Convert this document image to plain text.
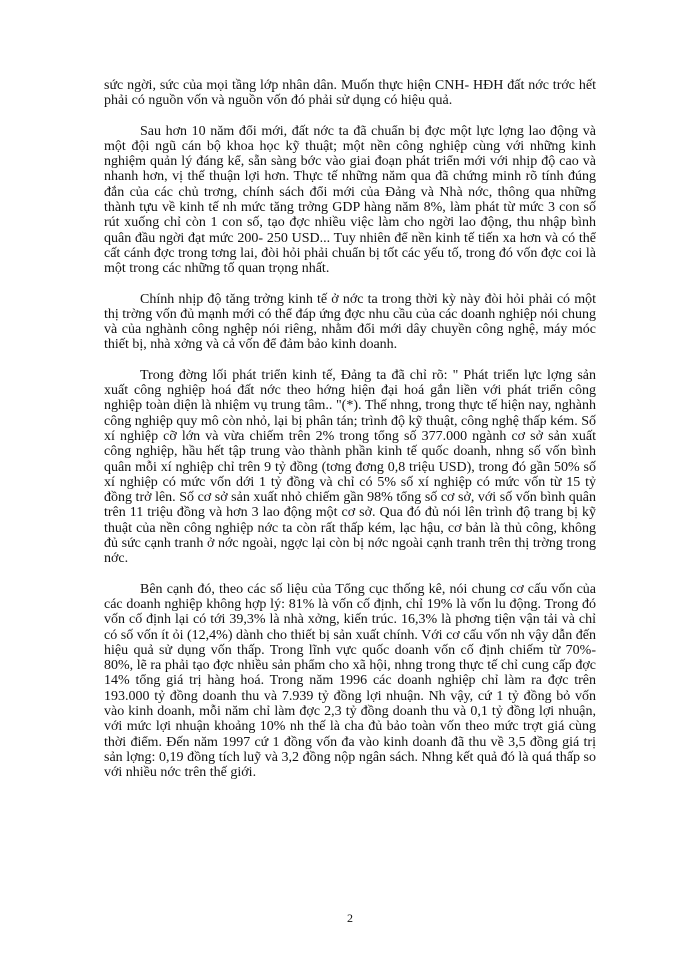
sức ngời, sức của mọi tầng lớp nhân dân. Muốn thực hiện CNH- HĐH đất nớc trớc hết phải có nguồn vốn và nguồn vốn đó phải sử dụng có hiệu quả.

Sau hơn 10 năm đổi mới, đất nớc ta đã chuẩn bị đợc một lực lợng lao động và một đội ngũ cán bộ khoa học kỹ thuật; một nền công nghiệp cùng với những kinh nghiệm quản lý đáng kể, sẵn sàng bớc vào giai đoạn phát triển mới với nhịp độ cao và nhanh hơn, vị thế thuận lợi hơn. Thực tế những năm qua đã chứng minh rõ tính đúng đắn của các chủ trơng, chính sách đổi mới của Đảng và Nhà nớc, thông qua những thành tựu về kinh tế nh mức tăng trởng GDP hàng năm 8%, làm phát từ mức 3 con số rút xuống chỉ còn 1 con số, tạo đợc nhiều việc làm cho ngời lao động, thu nhập bình quân đầu ngời đạt mức 200- 250 USD... Tuy nhiên để nền kinh tế tiến xa hơn và có thể cất cánh đợc trong tơng lai, đòi hỏi phải chuẩn bị tốt các yếu tố, trong đó vốn đợc coi là một trong các những tố quan trọng nhất.

Chính nhịp độ tăng trởng kinh tế ở nớc ta trong thời kỳ này đòi hỏi phải có một thị trờng vốn đủ mạnh mới có thể đáp ứng đợc nhu cầu của các doanh nghiệp nói chung và của nghành công nghệp nói riêng, nhằm đổi mới dây chuyền công nghệ, máy móc thiết bị, nhà xởng và cả vốn để đảm bảo kinh doanh.

Trong đờng lối phát triển kinh tế, Đảng ta đã chỉ rõ: " Phát triển lực lợng sản xuất công nghiệp hoá đất nớc theo hớng hiện đại hoá gắn liền với phát triển công nghiệp toàn diện là nhiệm vụ trung tâm.. "(*). Thế nhng, trong thực tế hiện nay, nghành công nghiệp quy mô còn nhỏ, lại bị phân tán; trình độ kỹ thuật, công nghệ thấp kém. Số xí nghiệp cỡ lớn và vừa chiếm trên 2% trong tổng số 377.000 ngành cơ sở sản xuất công nghiệp, hầu hết tập trung vào thành phần kinh tế quốc doanh, nhng số vốn bình quân mỗi xí nghiệp chỉ trên 9 tỷ đồng (tơng đơng 0,8 triệu USD), trong đó gần 50% số xí nghiệp có mức vốn dới 1 tỷ đồng và chỉ có 5% số xí nghiệp có mức vốn từ 15 tỷ đồng trở lên. Số cơ sở sản xuất nhỏ chiếm gần 98% tổng số cơ sở, với số vốn bình quân trên 11 triệu đồng và hơn 3 lao động một cơ sở. Qua đó đủ nói lên trình độ trang bị kỹ thuật của nền công nghiệp nớc ta còn rất thấp kém, lạc hậu, cơ bản là thủ công, không đủ sức cạnh tranh ở nớc ngoài, ngợc lại còn bị nớc ngoài cạnh tranh trên thị trờng trong nớc.

Bên cạnh đó, theo các số liệu của Tổng cục thống kê, nói chung cơ cấu vốn của các doanh nghiệp không hợp lý: 81% là vốn cố định, chỉ 19% là vốn lu động. Trong đó vốn cố định lại có tới 39,3% là nhà xởng, kiến trúc. 16,3% là phơng tiện vận tải và chỉ có số vốn ít ỏi (12,4%) dành cho thiết bị sản xuất chính. Với cơ cấu vốn nh vậy dẫn đến hiệu quả sử dụng vốn thấp. Trong lĩnh vực quốc doanh vốn cố định chiếm từ 70%- 80%, lẽ ra phải tạo đợc nhiều sản phẩm cho xã hội, nhng trong thực tế chỉ cung cấp đợc 14% tổng giá trị hàng hoá. Trong năm 1996 các doanh nghiệp chỉ làm ra đợc trên 193.000 tỷ đồng doanh thu và 7.939 tỷ đồng lợi nhuận. Nh vậy, cứ 1 tỷ đồng bỏ vốn vào kinh doanh, mỗi năm chỉ làm đợc 2,3 tỷ đồng doanh thu và 0,1 tỷ đồng lợi nhuận, với mức lợi nhuận khoảng 10% nh thế là cha đủ bảo toàn vốn theo mức trợt giá cùng thời điểm. Đến năm 1997 cứ 1 đồng vốn đa vào kinh doanh đã thu về 3,5 đồng giá trị sản lợng: 0,19 đồng tích luỹ và 3,2 đồng nộp ngân sách. Nhng kết quả đó là quá thấp so với nhiều nớc trên thế giới.

2
